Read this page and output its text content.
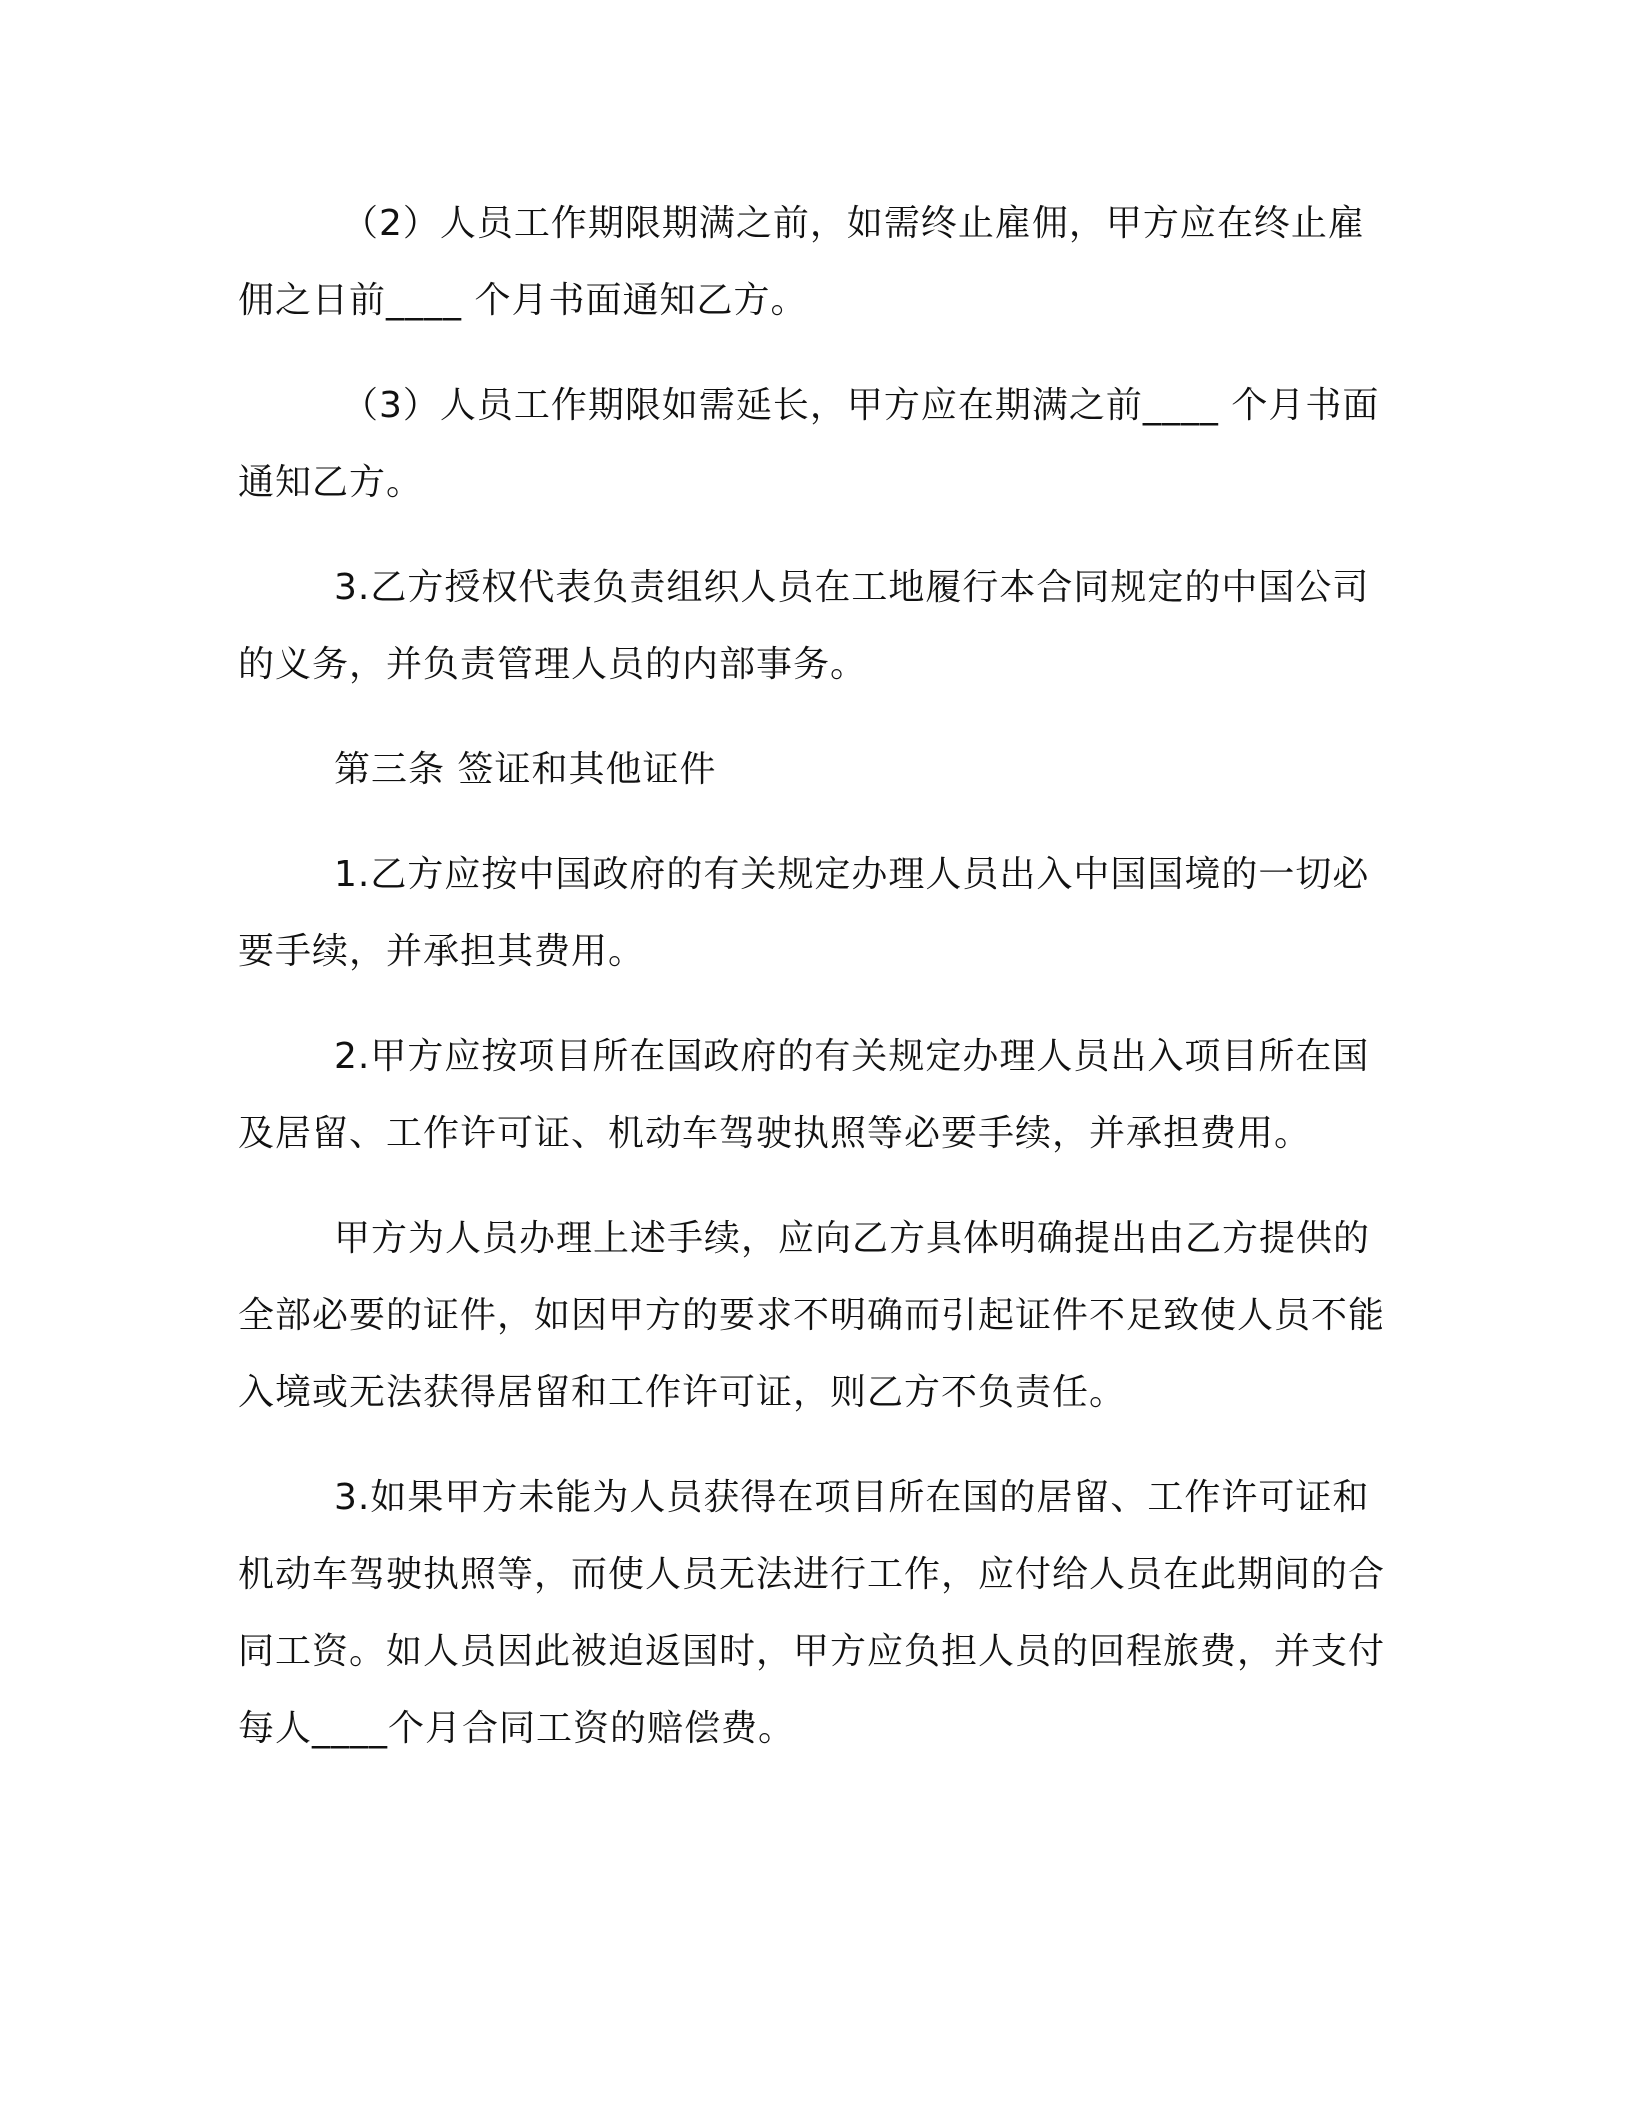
（2）人员工作期限期满之前，如需终止雇佣，甲方应在终止雇佣之日前____ 个月书面通知乙方。

（3）人员工作期限如需延长，甲方应在期满之前____ 个月书面通知乙方。

3.乙方授权代表负责组织人员在工地履行本合同规定的中国公司的义务，并负责管理人员的内部事务。

第三条 签证和其他证件

1.乙方应按中国政府的有关规定办理人员出入中国国境的一切必要手续，并承担其费用。

2.甲方应按项目所在国政府的有关规定办理人员出入项目所在国及居留、工作许可证、机动车驾驶执照等必要手续，并承担费用。

甲方为人员办理上述手续，应向乙方具体明确提出由乙方提供的全部必要的证件，如因甲方的要求不明确而引起证件不足致使人员不能入境或无法获得居留和工作许可证，则乙方不负责任。

3.如果甲方未能为人员获得在项目所在国的居留、工作许可证和机动车驾驶执照等，而使人员无法进行工作，应付给人员在此期间的合同工资。如人员因此被迫返国时，甲方应负担人员的回程旅费，并支付每人____个月合同工资的赔偿费。
